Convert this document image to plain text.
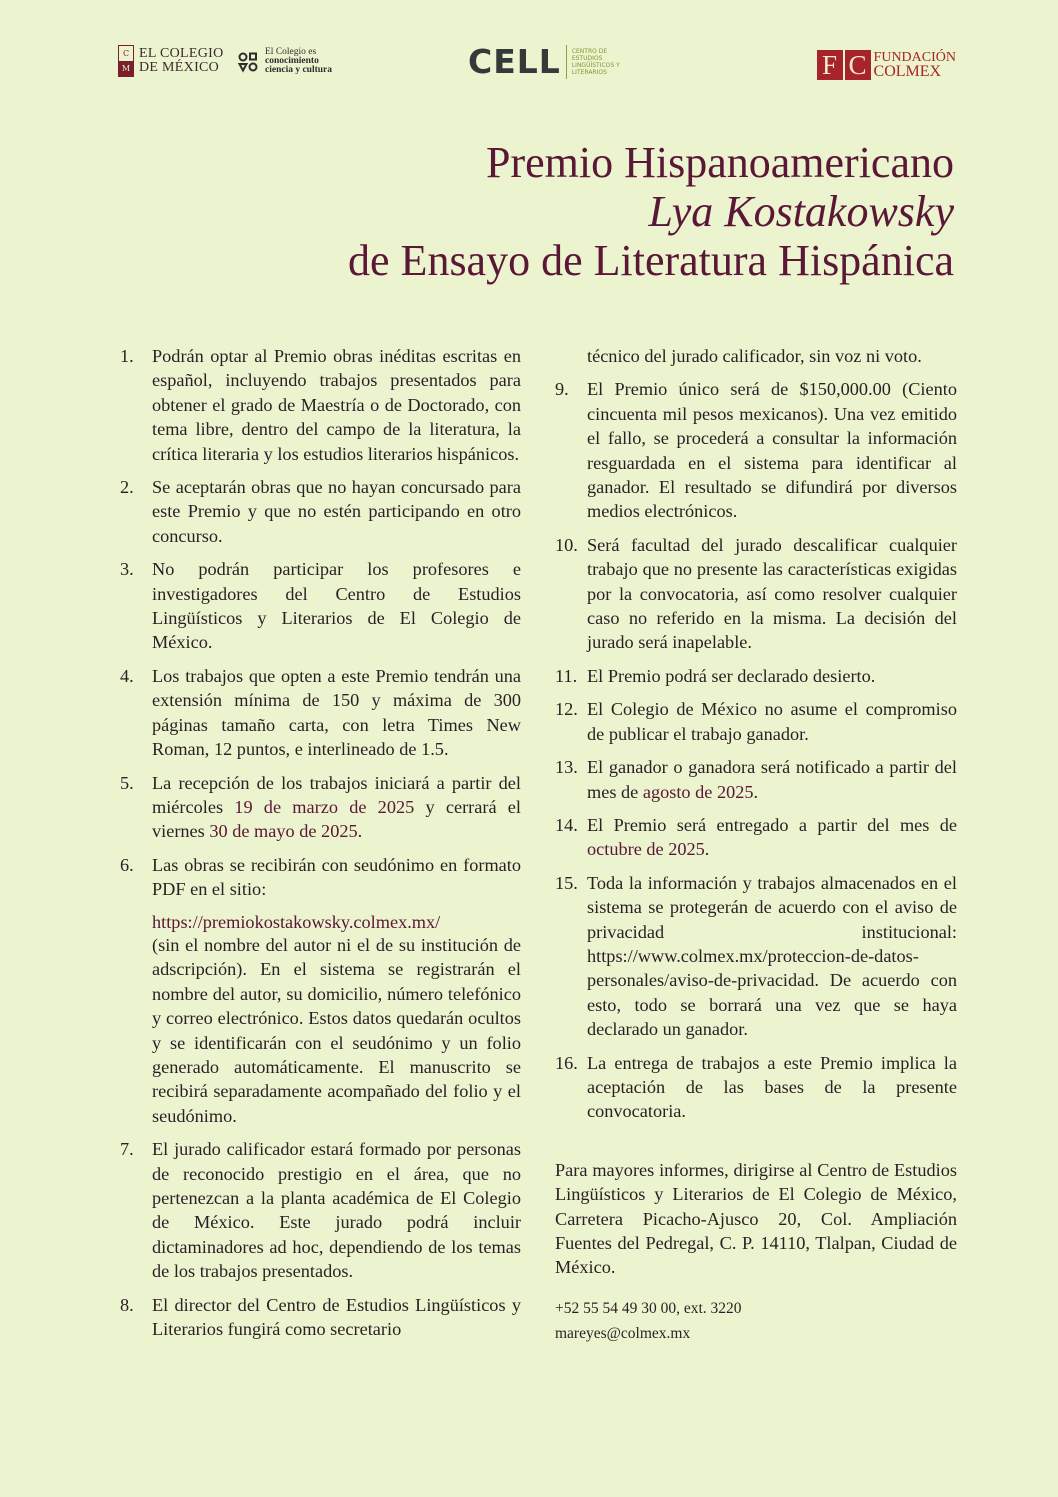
C
M
EL COLEGIO
DE MÉXICO
El Colegio es
conocimiento
ciencia y cultura	CELL CENTRO DE
ESTUDIOS
LINGÜÍSTICOS Y
LITERARIOS	F C FUNDACIÓN
COLMEX
Premio Hispanoamericano
Lya Kostakowsky
de Ensayo de Literatura Hispánica
1. Podrán optar al Premio obras inéditas escritas en español, incluyendo trabajos presentados para obtener el grado de Maestría o de Doctorado, con tema libre, dentro del campo de la literatura, la crítica literaria y los estudios literarios hispánicos.
2. Se aceptarán obras que no hayan concursado para este Premio y que no estén participando en otro concurso.
3. No podrán participar los profesores e investigadores del Centro de Estudios Lingüísticos y Literarios de El Colegio de México.
4. Los trabajos que opten a este Premio tendrán una extensión mínima de 150 y máxima de 300 páginas tamaño carta, con letra Times New Roman, 12 puntos, e interlineado de 1.5.
5. La recepción de los trabajos iniciará a partir del miércoles 19 de marzo de 2025 y cerrará el viernes 30 de mayo de 2025.
6. Las obras se recibirán con seudónimo en formato PDF en el sitio:
https://premiokostakowsky.colmex.mx/
(sin el nombre del autor ni el de su institución de adscripción). En el sistema se registrarán el nombre del autor, su domicilio, número telefónico y correo electrónico. Estos datos quedarán ocultos y se identificarán con el seudónimo y un folio generado automáticamente. El manuscrito se recibirá separadamente acompañado del folio y el seudónimo.
7. El jurado calificador estará formado por personas de reconocido prestigio en el área, que no pertenezcan a la planta académica de El Colegio de México. Este jurado podrá incluir dictaminadores ad hoc, dependiendo de los temas de los trabajos presentados.
8. El director del Centro de Estudios Lingüísticos y Literarios fungirá como secretario
técnico del jurado calificador, sin voz ni voto.
9. El Premio único será de $150,000.00 (Ciento cincuenta mil pesos mexicanos). Una vez emitido el fallo, se procederá a consultar la información resguardada en el sistema para identificar al ganador. El resultado se difundirá por diversos medios electrónicos.
10. Será facultad del jurado descalificar cualquier trabajo que no presente las características exigidas por la convocatoria, así como resolver cualquier caso no referido en la misma. La decisión del jurado será inapelable.
11. El Premio podrá ser declarado desierto.
12. El Colegio de México no asume el compromiso de publicar el trabajo ganador.
13. El ganador o ganadora será notificado a partir del mes de agosto de 2025.
14. El Premio será entregado a partir del mes de octubre de 2025.
15. Toda la información y trabajos almacenados en el sistema se protegerán de acuerdo con el aviso de privacidad institucional: https://www.colmex.mx/proteccion-de-datos-personales/aviso-de-privacidad. De acuerdo con esto, todo se borrará una vez que se haya declarado un ganador.
16. La entrega de trabajos a este Premio implica la aceptación de las bases de la presente convocatoria.
Para mayores informes, dirigirse al Centro de Estudios Lingüísticos y Literarios de El Colegio de México, Carretera Picacho-Ajusco 20, Col. Ampliación Fuentes del Pedregal, C. P. 14110, Tlalpan, Ciudad de México.
+52 55 54 49 30 00, ext. 3220
mareyes@colmex.mx
